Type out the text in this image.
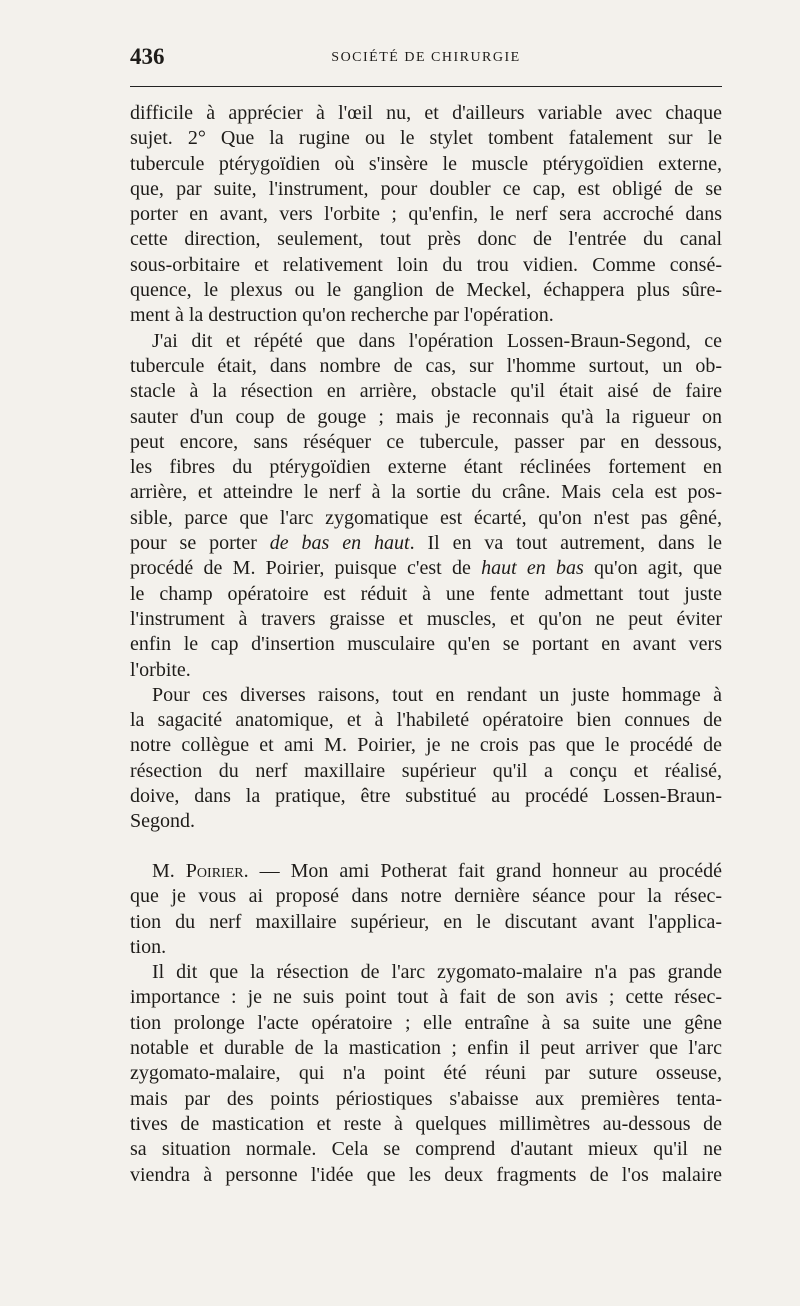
436	SOCIÉTÉ DE CHIRURGIE

difficile à apprécier à l'œil nu, et d'ailleurs variable avec chaque
sujet. 2° Que la rugine ou le stylet tombent fatalement sur le
tubercule ptérygoïdien où s'insère le muscle ptérygoïdien externe,
que, par suite, l'instrument, pour doubler ce cap, est obligé de se
porter en avant, vers l'orbite ; qu'enfin, le nerf sera accroché dans
cette direction, seulement, tout près donc de l'entrée du canal
sous-orbitaire et relativement loin du trou vidien. Comme consé-
quence, le plexus ou le ganglion de Meckel, échappera plus sûre-
ment à la destruction qu'on recherche par l'opération.

J'ai dit et répété que dans l'opération Lossen-Braun-Segond, ce
tubercule était, dans nombre de cas, sur l'homme surtout, un ob-
stacle à la résection en arrière, obstacle qu'il était aisé de faire
sauter d'un coup de gouge ; mais je reconnais qu'à la rigueur on
peut encore, sans réséquer ce tubercule, passer par en dessous,
les fibres du ptérygoïdien externe étant réclinées fortement en
arrière, et atteindre le nerf à la sortie du crâne. Mais cela est pos-
sible, parce que l'arc zygomatique est écarté, qu'on n'est pas gêné,
pour se porter de bas en haut. Il en va tout autrement, dans le
procédé de M. Poirier, puisque c'est de haut en bas qu'on agit, que
le champ opératoire est réduit à une fente admettant tout juste
l'instrument à travers graisse et muscles, et qu'on ne peut éviter
enfin le cap d'insertion musculaire qu'en se portant en avant vers
l'orbite.

Pour ces diverses raisons, tout en rendant un juste hommage à
la sagacité anatomique, et à l'habileté opératoire bien connues de
notre collègue et ami M. Poirier, je ne crois pas que le procédé de
résection du nerf maxillaire supérieur qu'il a conçu et réalisé,
doive, dans la pratique, être substitué au procédé Lossen-Braun-
Segond.

M. Poirier. — Mon ami Potherat fait grand honneur au procédé
que je vous ai proposé dans notre dernière séance pour la résec-
tion du nerf maxillaire supérieur, en le discutant avant l'applica-
tion.

Il dit que la résection de l'arc zygomato-malaire n'a pas grande
importance : je ne suis point tout à fait de son avis ; cette résec-
tion prolonge l'acte opératoire ; elle entraîne à sa suite une gêne
notable et durable de la mastication ; enfin il peut arriver que l'arc
zygomato-malaire, qui n'a point été réuni par suture osseuse,
mais par des points périostiques s'abaisse aux premières tenta-
tives de mastication et reste à quelques millimètres au-dessous de
sa situation normale. Cela se comprend d'autant mieux qu'il ne
viendra à personne l'idée que les deux fragments de l'os malaire
